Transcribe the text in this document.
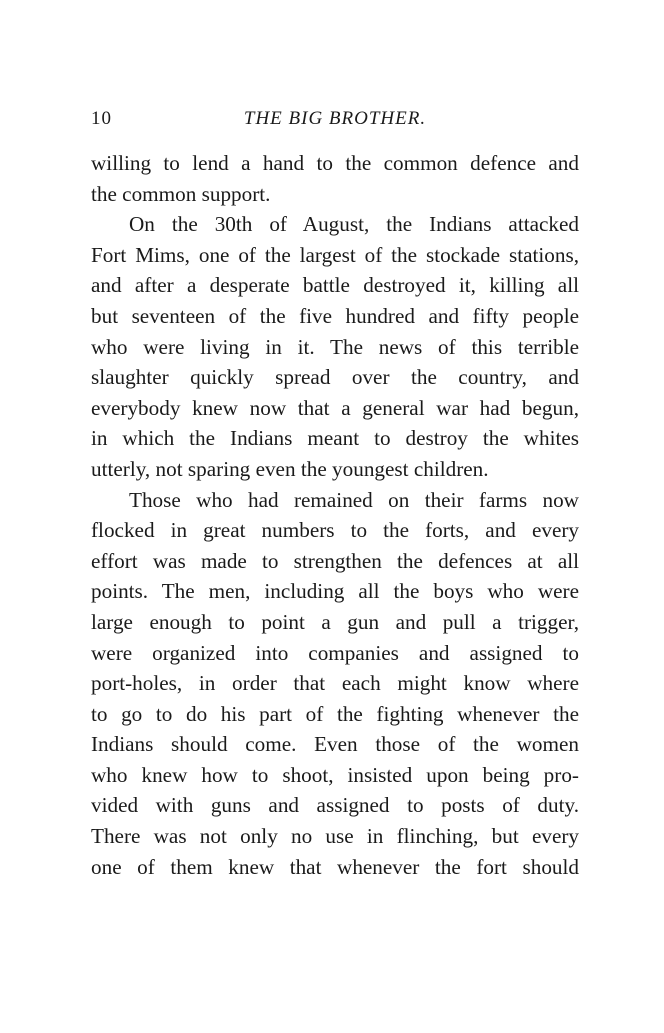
10	THE BIG BROTHER.
willing to lend a hand to the common defence and
the common support.
On the 30th of August, the Indians attacked
Fort Mims, one of the largest of the stockade stations,
and after a desperate battle destroyed it, killing all
but seventeen of the five hundred and fifty people
who were living in it. The news of this terrible
slaughter quickly spread over the country, and
everybody knew now that a general war had begun,
in which the Indians meant to destroy the whites
utterly, not sparing even the youngest children.
Those who had remained on their farms now
flocked in great numbers to the forts, and every
effort was made to strengthen the defences at all
points. The men, including all the boys who were
large enough to point a gun and pull a trigger,
were organized into companies and assigned to
port-holes, in order that each might know where
to go to do his part of the fighting whenever the
Indians should come. Even those of the women
who knew how to shoot, insisted upon being pro-
vided with guns and assigned to posts of duty.
There was not only no use in flinching, but every
one of them knew that whenever the fort should
